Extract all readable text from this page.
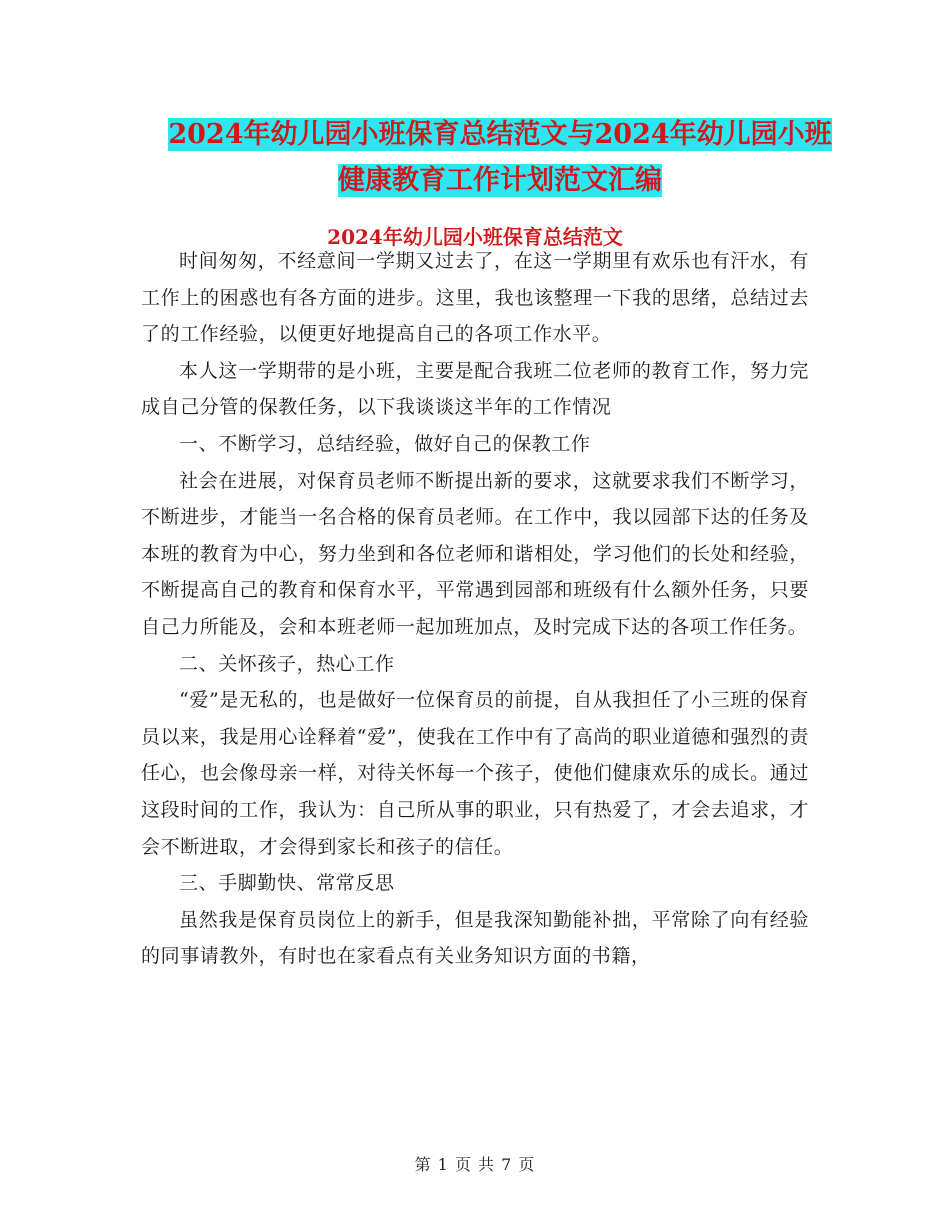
2024年幼儿园小班保育总结范文与2024年幼儿园小班
健康教育工作计划范文汇编
2024年幼儿园小班保育总结范文

时间匆匆，不经意间一学期又过去了，在这一学期里有欢乐也有汗水，有工作上的困惑也有各方面的进步。这里，我也该整理一下我的思绪，总结过去了的工作经验，以便更好地提高自己的各项工作水平。

本人这一学期带的是小班，主要是配合我班二位老师的教育工作，努力完成自己分管的保教任务，以下我谈谈这半年的工作情况

一、不断学习，总结经验，做好自己的保教工作

社会在进展，对保育员老师不断提出新的要求，这就要求我们不断学习，不断进步，才能当一名合格的保育员老师。在工作中，我以园部下达的任务及本班的教育为中心，努力坐到和各位老师和谐相处，学习他们的长处和经验，不断提高自己的教育和保育水平，平常遇到园部和班级有什么额外任务，只要自己力所能及，会和本班老师一起加班加点，及时完成下达的各项工作任务。

二、关怀孩子，热心工作

“爱”是无私的，也是做好一位保育员的前提，自从我担任了小三班的保育员以来，我是用心诠释着“爱”，使我在工作中有了高尚的职业道德和强烈的责任心，也会像母亲一样，对待关怀每一个孩子，使他们健康欢乐的成长。通过这段时间的工作，我认为：自己所从事的职业，只有热爱了，才会去追求，才会不断进取，才会得到家长和孩子的信任。

三、手脚勤快、常常反思

虽然我是保育员岗位上的新手，但是我深知勤能补拙，平常除了向有经验的同事请教外，有时也在家看点有关业务知识方面的书籍，

第 1 页 共 7 页
